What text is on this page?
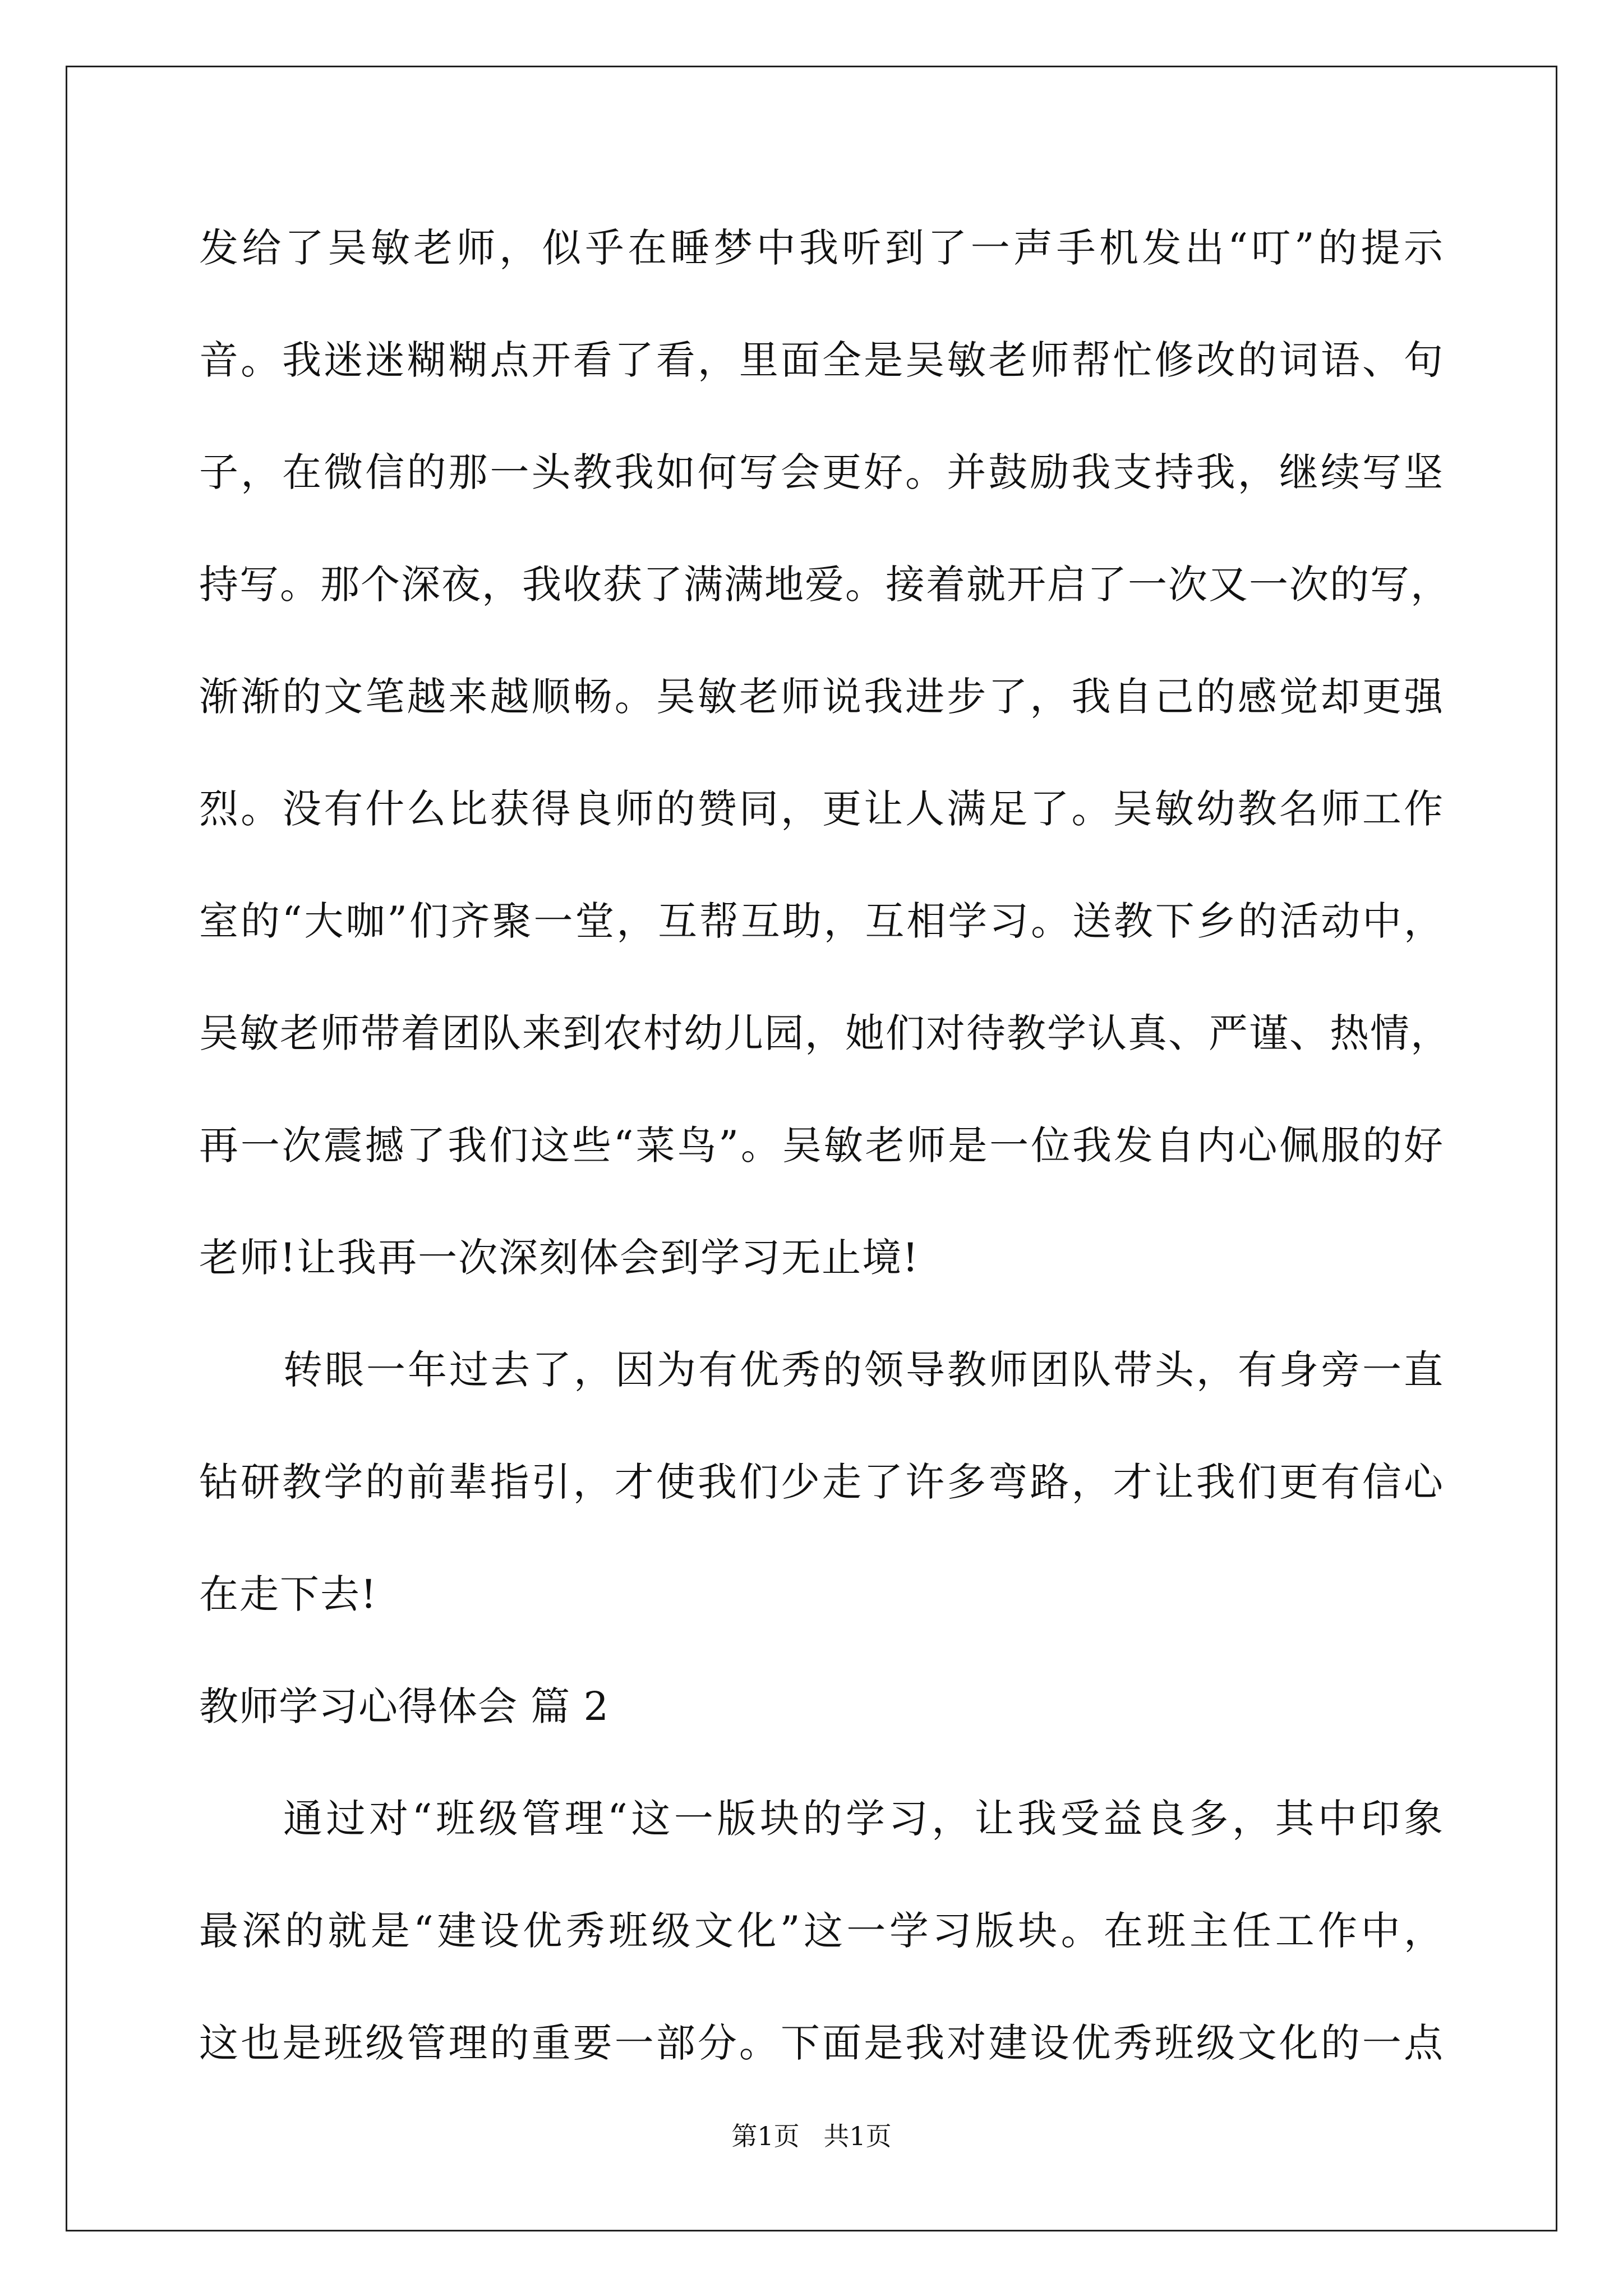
发给了吴敏老师，似乎在睡梦中我听到了一声手机发出“叮”的提示
音。我迷迷糊糊点开看了看，里面全是吴敏老师帮忙修改的词语、句
子，在微信的那一头教我如何写会更好。并鼓励我支持我，继续写坚
持写。那个深夜，我收获了满满地爱。接着就开启了一次又一次的写，
渐渐的文笔越来越顺畅。吴敏老师说我进步了，我自己的感觉却更强
烈。没有什么比获得良师的赞同，更让人满足了。吴敏幼教名师工作
室的“大咖”们齐聚一堂，互帮互助，互相学习。送教下乡的活动中，
吴敏老师带着团队来到农村幼儿园，她们对待教学认真、严谨、热情，
再一次震撼了我们这些“菜鸟”。吴敏老师是一位我发自内心佩服的好
老师!让我再一次深刻体会到学习无止境!
转眼一年过去了，因为有优秀的领导教师团队带头，有身旁一直
钻研教学的前辈指引，才使我们少走了许多弯路，才让我们更有信心
在走下去!
教师学习心得体会 篇 2
通过对“班级管理“这一版块的学习，让我受益良多，其中印象
最深的就是“建设优秀班级文化”这一学习版块。在班主任工作中，
这也是班级管理的重要一部分。下面是我对建设优秀班级文化的一点
第1页 共1页
